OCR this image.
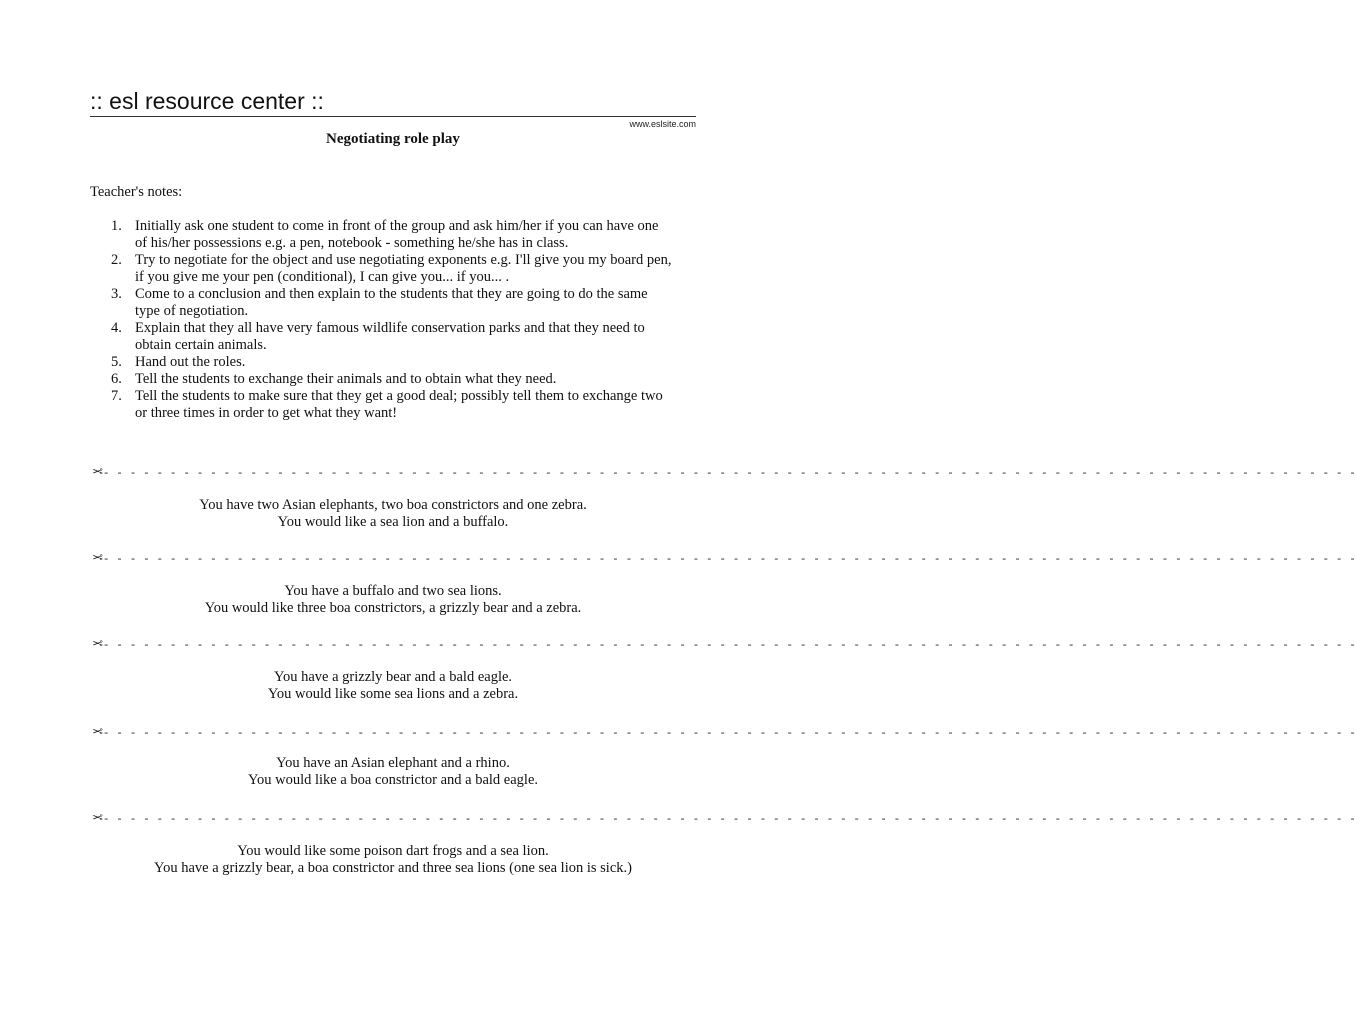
:: esl resource center ::
www.eslsite.com
Negotiating role play
Teacher's notes:
1. Initially ask one student to come in front of the group and ask him/her if you can have one
of his/her possessions e.g. a pen, notebook - something he/she has in class.
2. Try to negotiate for the object and use negotiating exponents e.g. I'll give you my board pen,
if you give me your pen (conditional), I can give you... if you... .
3. Come to a conclusion and then explain to the students that they are going to do the same
type of negotiation.
4. Explain that they all have very famous wildlife conservation parks and that they need to
obtain certain animals.
5. Hand out the roles.
6. Tell the students to exchange their animals and to obtain what they need.
7. Tell the students to make sure that they get a good deal; possibly tell them to exchange two
or three times in order to get what they want!
✂- - - - - - - - - - - - - - - - - - - - - - - - - - - - - - - - - - - - - - - - - - - - - - - - - - - - - - - - - - - - - - - - - - - - - - - - - - - - - - - - - - - - - - - - - - - - - -
You have two Asian elephants, two boa constrictors and one zebra.
You would like a sea lion and a buffalo.
✂- - - - - - - - - - - - - - - - - - - - - - - - - - - - - - - - - - - - - - - - - - - - - - - - - - - - - - - - - - - - - - - - - - - - - - - - - - - - - - - - - - - - - - - - - - - - - -
You have a buffalo and two sea lions.
You would like three boa constrictors, a grizzly bear and a zebra.
✂- - - - - - - - - - - - - - - - - - - - - - - - - - - - - - - - - - - - - - - - - - - - - - - - - - - - - - - - - - - - - - - - - - - - - - - - - - - - - - - - - - - - - - - - - - - - - -
You have a grizzly bear and a bald eagle.
You would like some sea lions and a zebra.
✂- - - - - - - - - - - - - - - - - - - - - - - - - - - - - - - - - - - - - - - - - - - - - - - - - - - - - - - - - - - - - - - - - - - - - - - - - - - - - - - - - - - - - - - - - - - - - -
You have an Asian elephant and a rhino.
You would like a boa constrictor and a bald eagle.
✂- - - - - - - - - - - - - - - - - - - - - - - - - - - - - - - - - - - - - - - - - - - - - - - - - - - - - - - - - - - - - - - - - - - - - - - - - - - - - - - - - - - - - - - - - - - - - -
You would like some poison dart frogs and a sea lion.
You have a grizzly bear, a boa constrictor and three sea lions (one sea lion is sick.)
